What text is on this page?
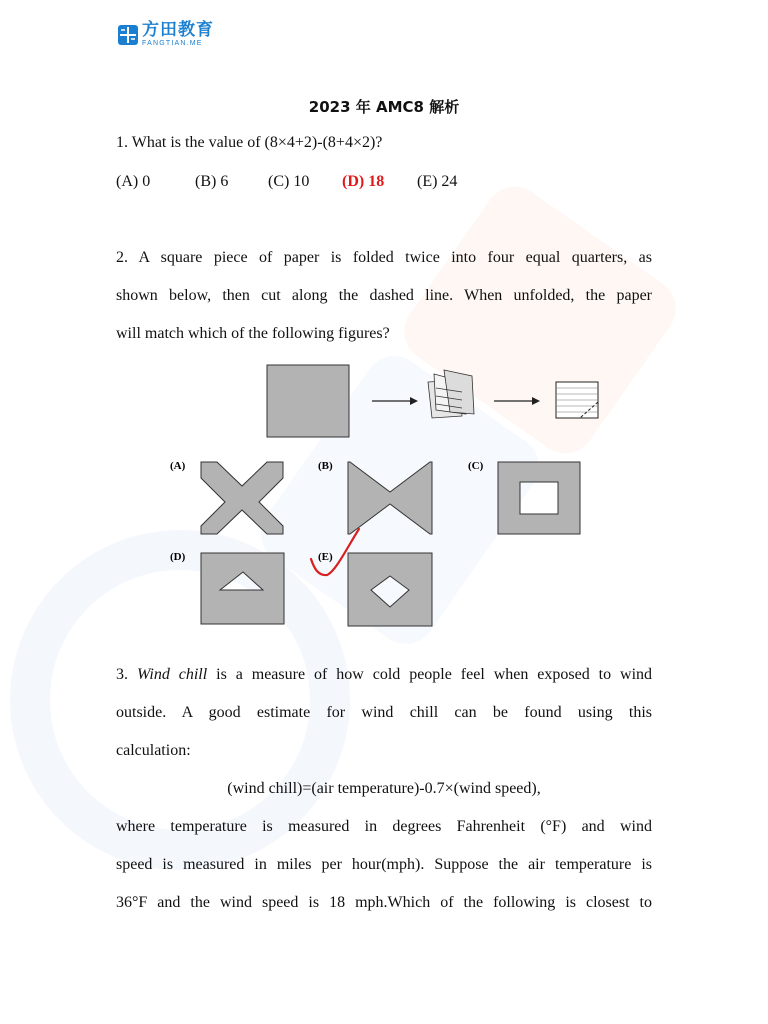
方田教育
FANGTIAN.ME
2023 年 AMC8 解析
1. What is the value of (8×4+2)-(8+4×2)?
(A) 0	(B) 6 (C) 10 (D) 18 (E) 24
2. A square piece of paper is folded twice into four equal quarters, as
shown below, then cut along the dashed line. When unfolded, the paper
will match which of the following figures?
(A)	(B)	(C)
(D)	(E)
3. Wind chill is a measure of how cold people feel when exposed to wind
outside. A good estimate for wind chill can be found using this
calculation:
(wind chill)=(air temperature)-0.7×(wind speed),
where temperature is measured in degrees Fahrenheit (°F) and wind
speed is measured in miles per hour(mph). Suppose the air temperature is
36°F and the wind speed is 18 mph.Which of the following is closest to
